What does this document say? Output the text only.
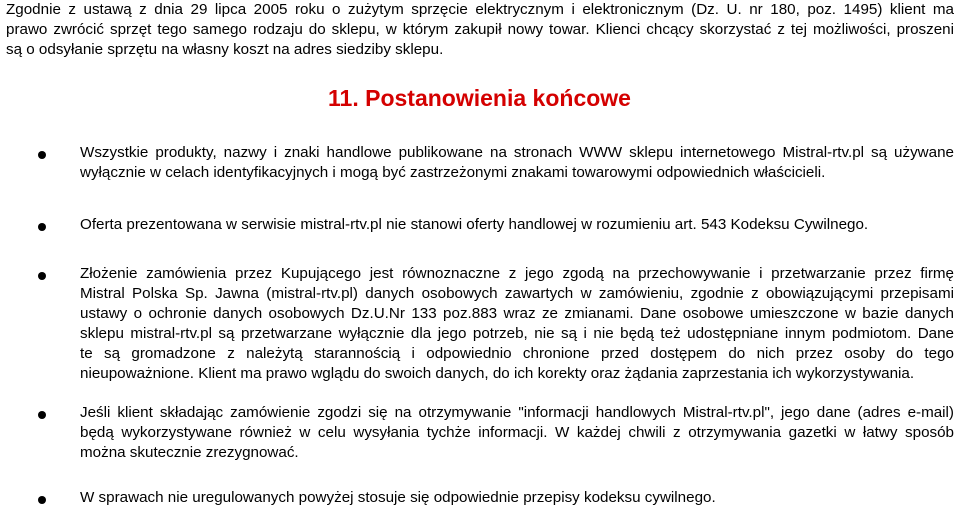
Zgodnie z ustawą z dnia 29 lipca 2005 roku o zużytym sprzęcie elektrycznym i elektronicznym (Dz. U. nr 180, poz. 1495) klient ma
prawo zwrócić sprzęt tego samego rodzaju do sklepu, w którym zakupił nowy towar. Klienci chcący skorzystać z tej możliwości, proszeni
są o odsyłanie sprzętu na własny koszt na adres siedziby sklepu.

11. Postanowienia końcowe

Wszystkie produkty, nazwy i znaki handlowe publikowane na stronach WWW sklepu internetowego Mistral-rtv.pl są używane
wyłącznie w celach identyfikacyjnych i mogą być zastrzeżonymi znakami towarowymi odpowiednich właścicieli.

Oferta prezentowana w serwisie mistral-rtv.pl nie stanowi oferty handlowej w rozumieniu art. 543 Kodeksu Cywilnego.

Złożenie zamówienia przez Kupującego jest równoznaczne z jego zgodą na przechowywanie i przetwarzanie przez firmę
Mistral Polska Sp. Jawna (mistral-rtv.pl) danych osobowych zawartych w zamówieniu, zgodnie z obowiązującymi przepisami
ustawy o ochronie danych osobowych Dz.U.Nr 133 poz.883 wraz ze zmianami. Dane osobowe umieszczone w bazie danych
sklepu mistral-rtv.pl są przetwarzane wyłącznie dla jego potrzeb, nie są i nie będą też udostępniane innym podmiotom. Dane
te są gromadzone z należytą starannością i odpowiednio chronione przed dostępem do nich przez osoby do tego
nieupoważnione. Klient ma prawo wglądu do swoich danych, do ich korekty oraz żądania zaprzestania ich wykorzystywania.

Jeśli klient składając zamówienie zgodzi się na otrzymywanie "informacji handlowych Mistral-rtv.pl", jego dane (adres e-mail)
będą wykorzystywane również w celu wysyłania tychże informacji. W każdej chwili z otrzymywania gazetki w łatwy sposób
można skutecznie zrezygnować.

W sprawach nie uregulowanych powyżej stosuje się odpowiednie przepisy kodeksu cywilnego.
